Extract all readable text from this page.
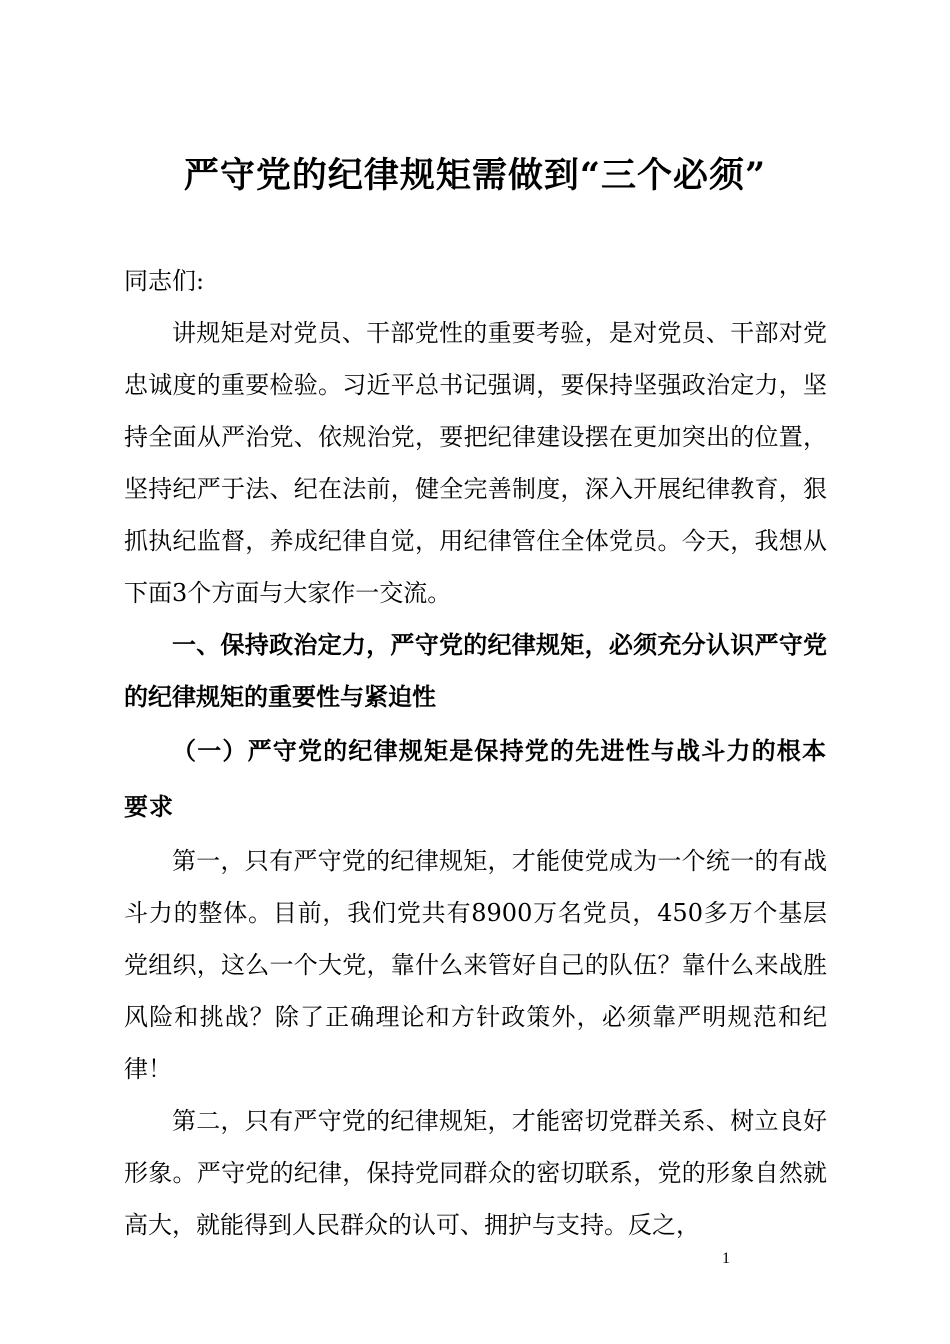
严守党的纪律规矩需做到“三个必须”

同志们:

讲规矩是对党员、干部党性的重要考验，是对党员、干部对党忠诚度的重要检验。习近平总书记强调，要保持坚强政治定力，坚持全面从严治党、依规治党，要把纪律建设摆在更加突出的位置，坚持纪严于法、纪在法前，健全完善制度，深入开展纪律教育，狠抓执纪监督，养成纪律自觉，用纪律管住全体党员。今天，我想从下面3个方面与大家作一交流。

一、保持政治定力，严守党的纪律规矩，必须充分认识严守党的纪律规矩的重要性与紧迫性

（一）严守党的纪律规矩是保持党的先进性与战斗力的根本要求

第一，只有严守党的纪律规矩，才能使党成为一个统一的有战斗力的整体。目前，我们党共有8900万名党员，450多万个基层党组织，这么一个大党，靠什么来管好自己的队伍？靠什么来战胜风险和挑战？除了正确理论和方针政策外，必须靠严明规范和纪律！

第二，只有严守党的纪律规矩，才能密切党群关系、树立良好形象。严守党的纪律，保持党同群众的密切联系，党的形象自然就高大，就能得到人民群众的认可、拥护与支持。反之，

1
